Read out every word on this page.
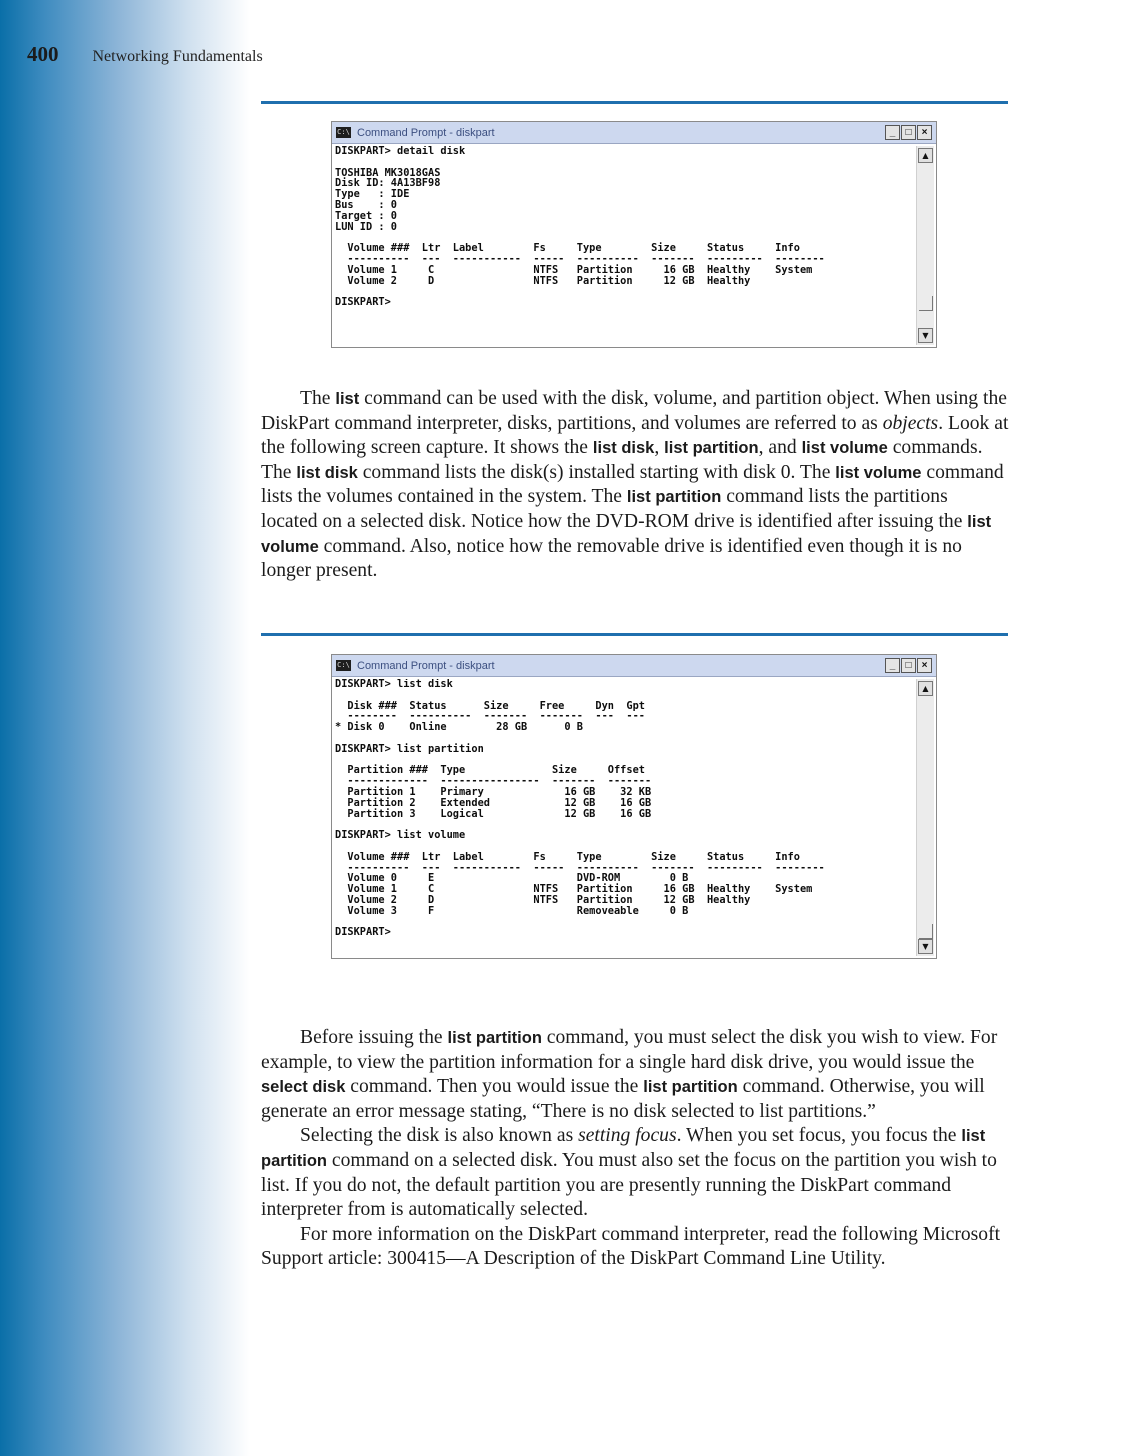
400 Networking Fundamentals
C:\ Command Prompt - diskpart	_	□	×
DISKPART> detail disk

TOSHIBA MK3018GAS
Disk ID: 4A13BF98
Type   : IDE
Bus    : 0
Target : 0
LUN ID : 0

Volume ###  Ltr  Label        Fs     Type        Size     Status     Info
----------  ---  -----------  -----  ----------  -------  ---------  --------
Volume 1     C                NTFS   Partition     16 GB  Healthy    System
Volume 2     D                NTFS   Partition     12 GB  Healthy

DISKPART>
▲
▼

The list command can be used with the disk, volume, and partition object. When using the DiskPart command interpreter, disks, partitions, and volumes are referred to as objects. Look at the following screen capture. It shows the list disk, list partition, and list volume commands. The list disk command lists the disk(s) installed starting with disk 0. The list volume command lists the volumes contained in the system. The list partition command lists the partitions located on a selected disk. Notice how the DVD-ROM drive is identified after issuing the list volume command. Also, notice how the removable drive is identified even though it is no longer present.

C:\ Command Prompt - diskpart	_	□	×
DISKPART> list disk

Disk ###  Status      Size     Free     Dyn  Gpt
--------  ----------  -------  -------  ---  ---
* Disk 0    Online        28 GB      0 B

DISKPART> list partition

Partition ###  Type              Size     Offset
-------------  ----------------  -------  -------
Partition 1    Primary             16 GB    32 KB
Partition 2    Extended            12 GB    16 GB
Partition 3    Logical             12 GB    16 GB

DISKPART> list volume

Volume ###  Ltr  Label        Fs     Type        Size     Status     Info
----------  ---  -----------  -----  ----------  -------  ---------  --------
Volume 0     E                       DVD-ROM        0 B
Volume 1     C                NTFS   Partition     16 GB  Healthy    System
Volume 2     D                NTFS   Partition     12 GB  Healthy
Volume 3     F                       Removeable     0 B

DISKPART>
▲
▼

Before issuing the list partition command, you must select the disk you wish to view. For example, to view the partition information for a single hard disk drive, you would issue the select disk command. Then you would issue the list partition command. Otherwise, you will generate an error message stating, “There is no disk selected to list partitions.”

Selecting the disk is also known as setting focus. When you set focus, you focus the list partition command on a selected disk. You must also set the focus on the partition you wish to list. If you do not, the default partition you are presently running the DiskPart command interpreter from is automatically selected.

For more information on the DiskPart command interpreter, read the following Microsoft Support article: 300415—A Description of the DiskPart Command Line Utility.
